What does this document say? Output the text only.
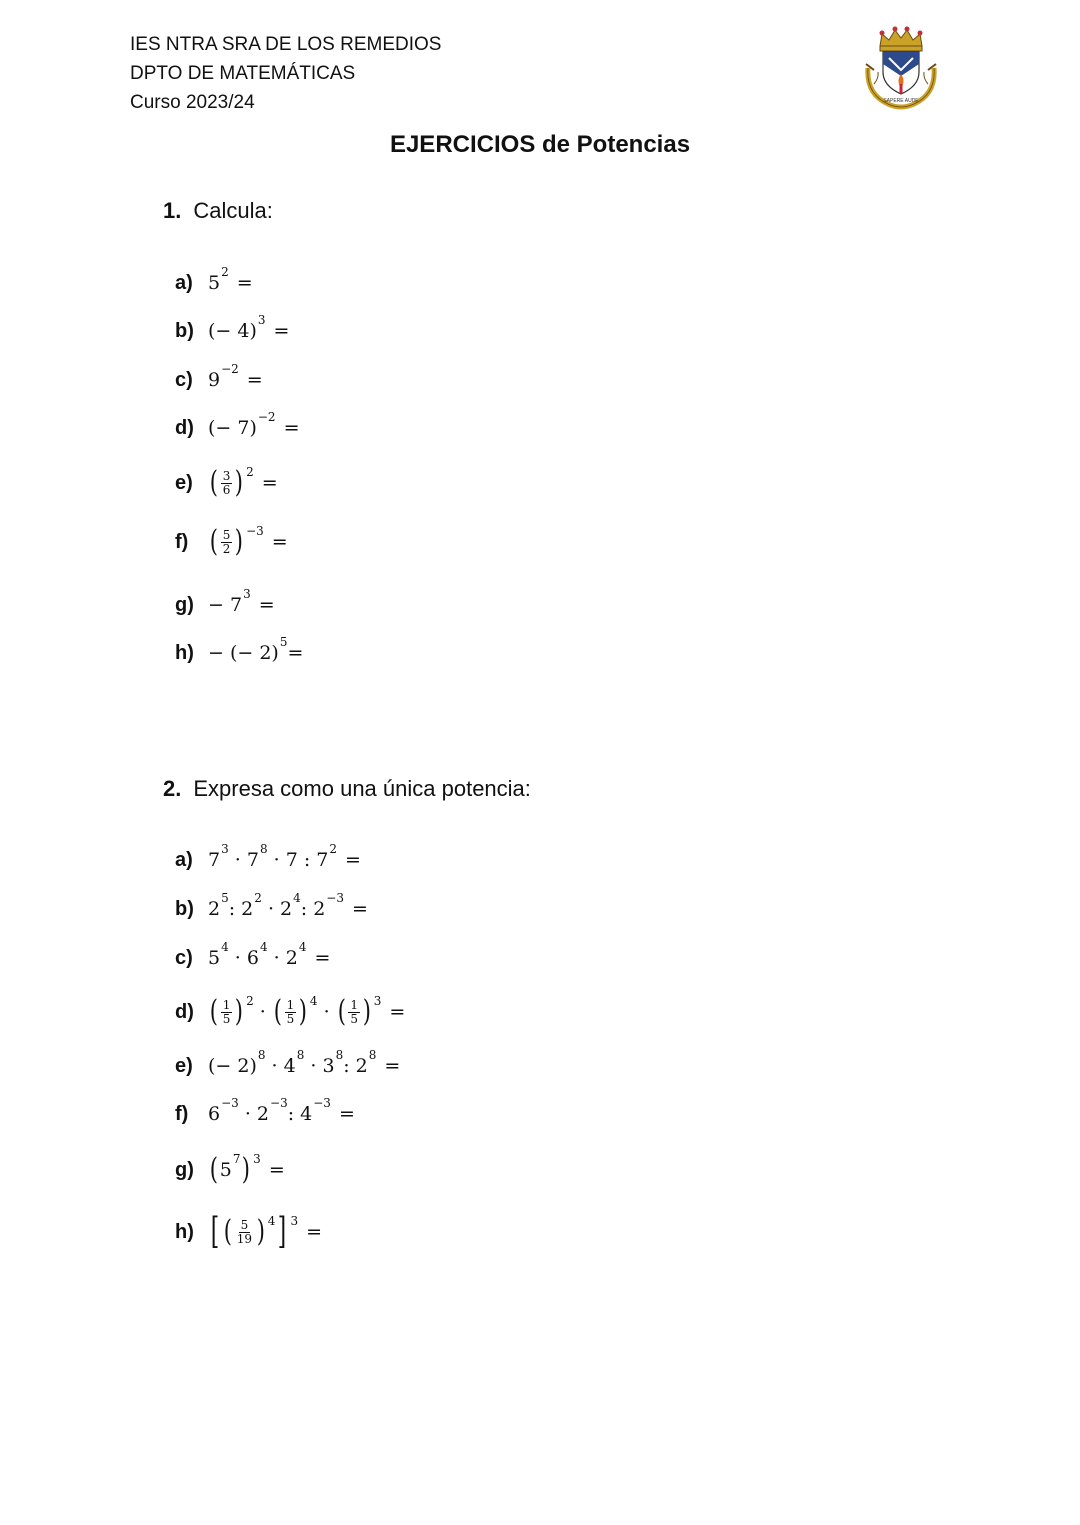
IES NTRA SRA DE LOS REMEDIOS
DPTO DE MATEMÁTICAS
Curso 2023/24	SAPERE AUDE
EJERCICIOS de Potencias
1. Calcula:
a) $5^2$ =
b) (− 4)$^3$ =
c) $9^{-2}$ =
d) (− 7)$^{-2}$ =
e) ( 3
6 )$^2$ =
f) ( 5
2 )$^{-3}$ =
$g) - 7^3$ =
h) − (− 2)$^5$ =
2. Expresa como una única potencia:
a) $7^3 \cdot 7^8 \cdot 7$ : $7^2$ =
b) $2^5$ : $2^2 \cdot 2^4$ : $2^{-3}$ =
c) $5^4 \cdot 6^4 \cdot 2^4$ =
d) ( 1
5 )$^2$ · ( 1
5 )$^4$ · ( 1
5 )$^3$ =
e) (− $2)^8 \cdot 4^8 \cdot 3^8$ : $2^8$ =
f)	$6^{-3} \cdot 2^{-3}$ : $4^{-3}$ =
g) ( $5^7$ )$^3$ =
h) [ ( 5
19 )$^4$ ] $^3$ =
